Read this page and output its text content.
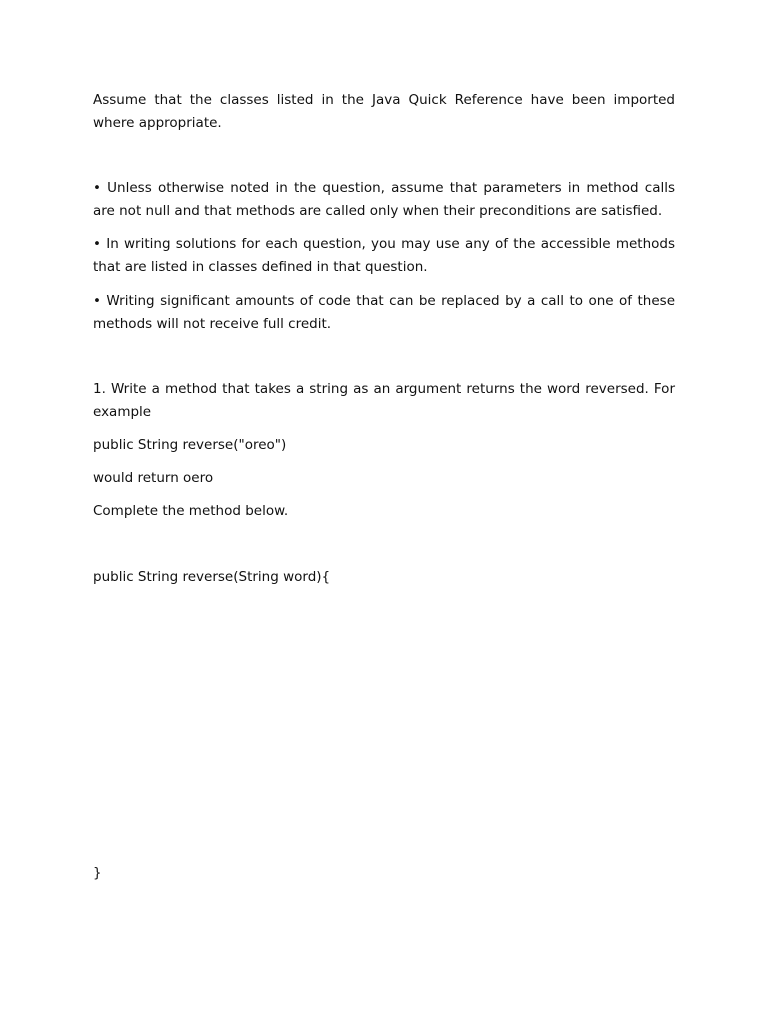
Assume that the classes listed in the Java Quick Reference have been imported where appropriate.

• Unless otherwise noted in the question, assume that parameters in method calls are not null and that methods are called only when their preconditions are satisfied.

• In writing solutions for each question, you may use any of the accessible methods that are listed in classes defined in that question.

• Writing significant amounts of code that can be replaced by a call to one of these methods will not receive full credit.

1. Write a method that takes a string as an argument returns the word reversed. For example

public String reverse("oreo")

would return oero

Complete the method below.

public String reverse(String word){

}
